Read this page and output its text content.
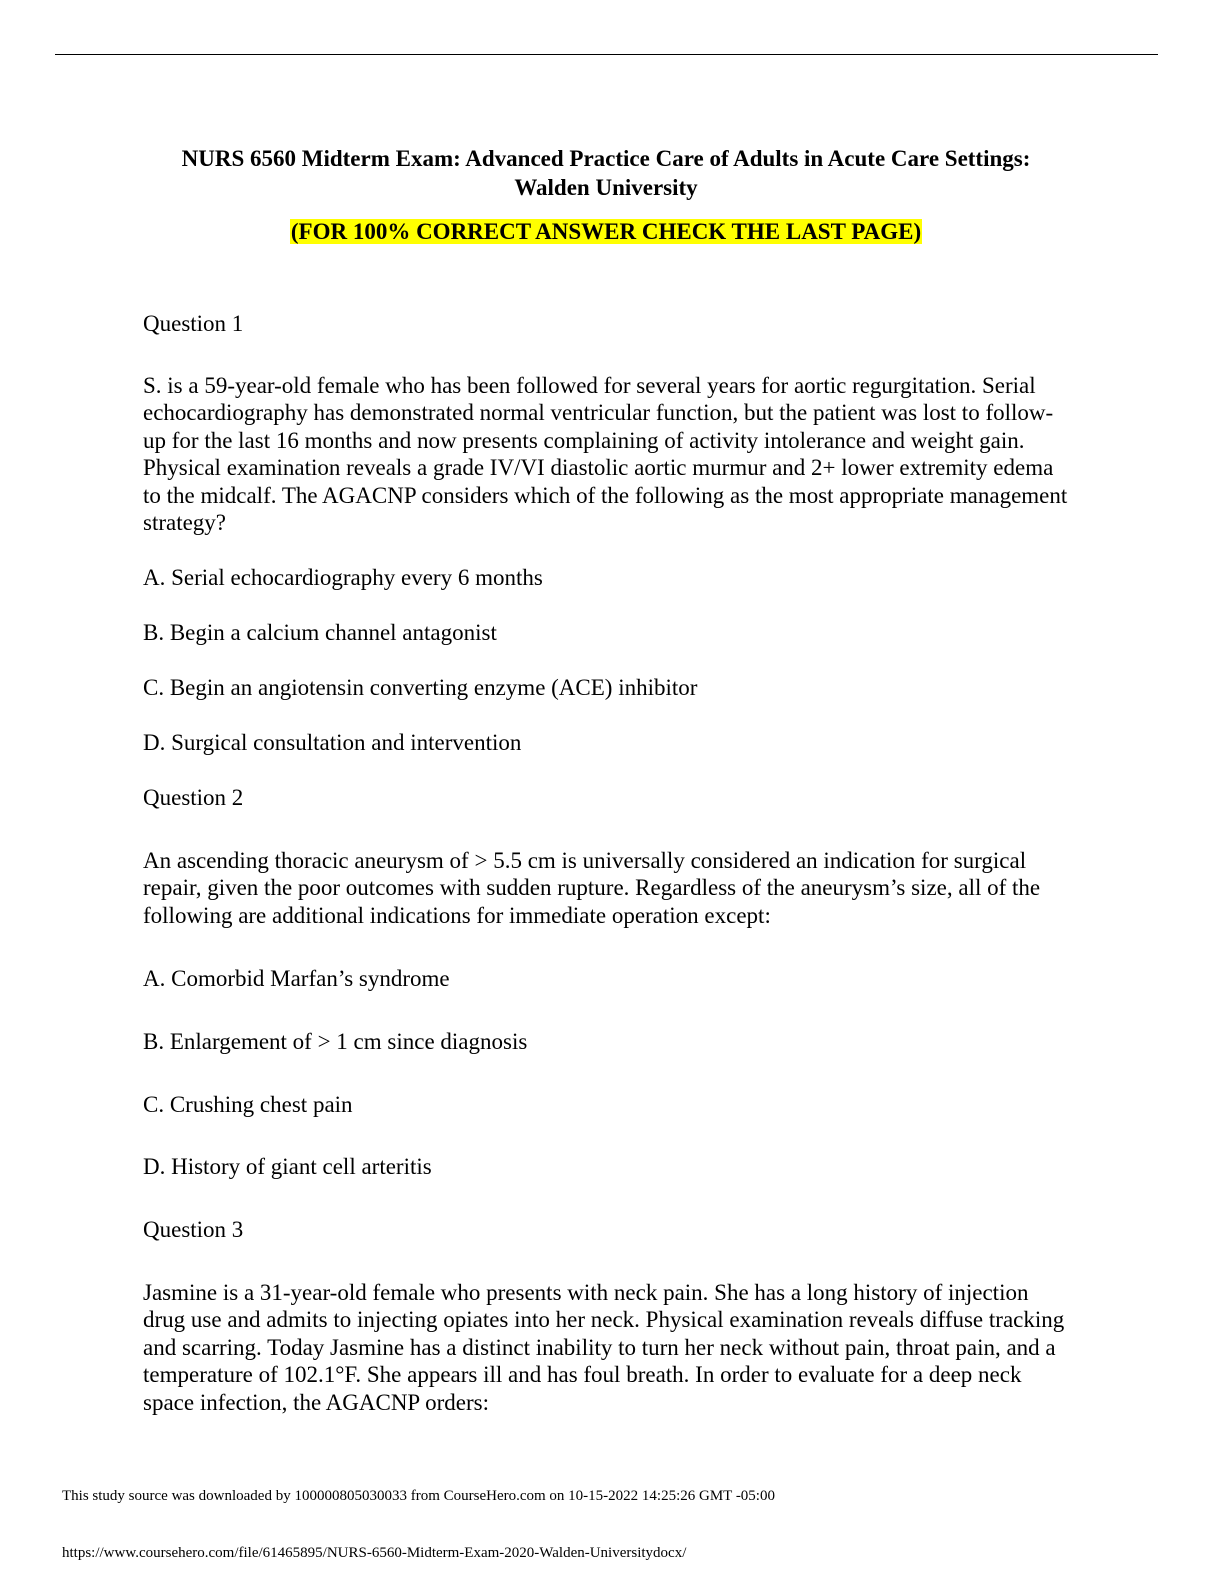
NURS 6560 Midterm Exam: Advanced Practice Care of Adults in Acute Care Settings: Walden University
(FOR 100% CORRECT ANSWER CHECK THE LAST PAGE)

Question 1

S. is a 59-year-old female who has been followed for several years for aortic regurgitation. Serial echocardiography has demonstrated normal ventricular function, but the patient was lost to follow-up for the last 16 months and now presents complaining of activity intolerance and weight gain. Physical examination reveals a grade IV/VI diastolic aortic murmur and 2+ lower extremity edema to the midcalf. The AGACNP considers which of the following as the most appropriate management strategy?

A. Serial echocardiography every 6 months

B. Begin a calcium channel antagonist

C. Begin an angiotensin converting enzyme (ACE) inhibitor

D. Surgical consultation and intervention

Question 2

An ascending thoracic aneurysm of > 5.5 cm is universally considered an indication for surgical repair, given the poor outcomes with sudden rupture. Regardless of the aneurysm’s size, all of the following are additional indications for immediate operation except:

A. Comorbid Marfan’s syndrome

B. Enlargement of > 1 cm since diagnosis

C. Crushing chest pain

D. History of giant cell arteritis

Question 3

Jasmine is a 31-year-old female who presents with neck pain. She has a long history of injection drug use and admits to injecting opiates into her neck. Physical examination reveals diffuse tracking and scarring. Today Jasmine has a distinct inability to turn her neck without pain, throat pain, and a temperature of 102.1°F. She appears ill and has foul breath. In order to evaluate for a deep neck space infection, the AGACNP orders:

This study source was downloaded by 100000805030033 from CourseHero.com on 10-15-2022 14:25:26 GMT -05:00
https://www.coursehero.com/file/61465895/NURS-6560-Midterm-Exam-2020-Walden-Universitydocx/
